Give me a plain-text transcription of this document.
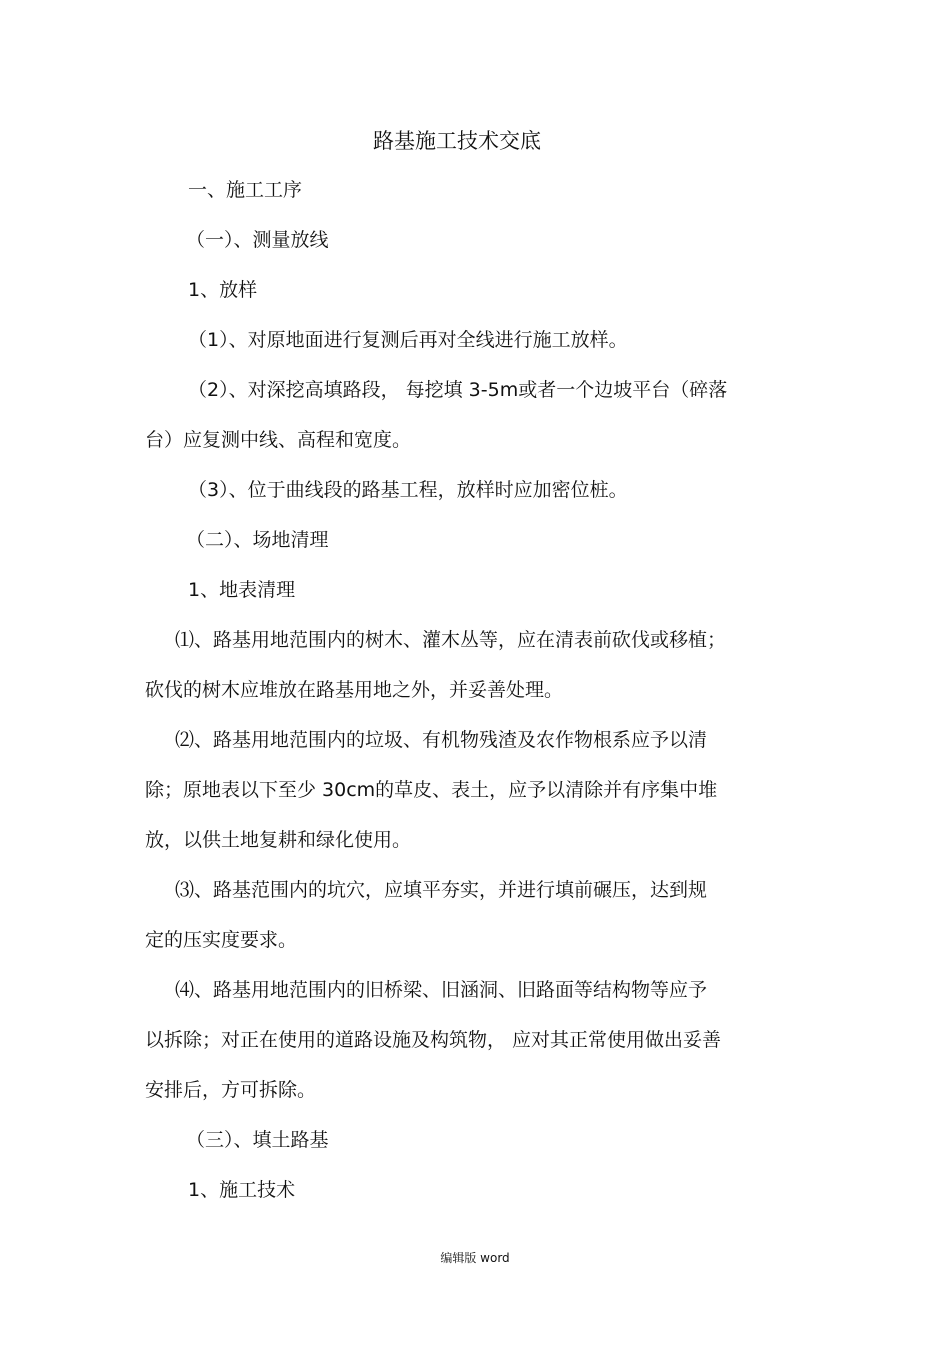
路基施工技术交底
一、施工工序
（一）、测量放线
1、放样
（1）、对原地面进行复测后再对全线进行施工放样。
（2）、对深挖高填路段， 每挖填 3-5m或者一个边坡平台（碎落
台）应复测中线、高程和宽度。
（3）、位于曲线段的路基工程，放样时应加密位桩。
（二）、场地清理
1、地表清理
⑴、路基用地范围内的树木、灌木丛等，应在清表前砍伐或移植；
砍伐的树木应堆放在路基用地之外，并妥善处理。
⑵、路基用地范围内的垃圾、有机物残渣及农作物根系应予以清
除；原地表以下至少 30cm的草皮、表土，应予以清除并有序集中堆
放，以供土地复耕和绿化使用。
⑶、路基范围内的坑穴，应填平夯实，并进行填前碾压，达到规
定的压实度要求。
⑷、路基用地范围内的旧桥梁、旧涵洞、旧路面等结构物等应予
以拆除；对正在使用的道路设施及构筑物， 应对其正常使用做出妥善
安排后，方可拆除。
（三）、填土路基
1、施工技术
编辑版 word
